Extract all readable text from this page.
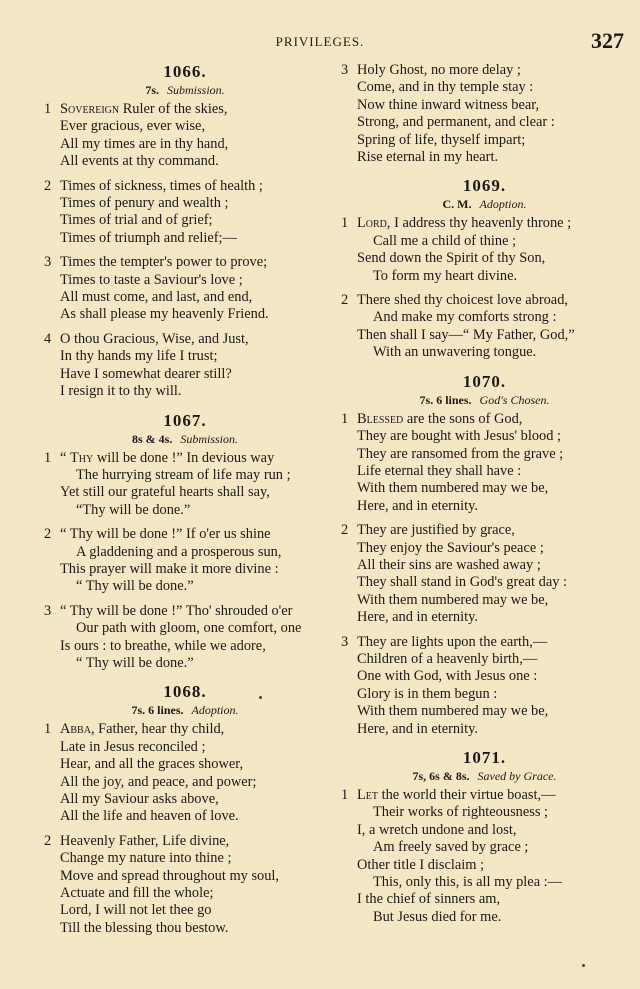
PRIVILEGES.	327
1066.
7s. Submission.
1 Sovereign Ruler of the skies,
Ever gracious, ever wise,
All my times are in thy hand,
All events at thy command.
2 Times of sickness, times of health ;
Times of penury and wealth ;
Times of trial and of grief;
Times of triumph and relief;—
3 Times the tempter's power to prove;
Times to taste a Saviour's love ;
All must come, and last, and end,
As shall please my heavenly Friend.
4 O thou Gracious, Wise, and Just,
In thy hands my life I trust;
Have I somewhat dearer still?
I resign it to thy will.
1067.
8s & 4s. Submission.
1 “ Thy will be done !” In devious way
The hurrying stream of life may run ;
Yet still our grateful hearts shall say,
“Thy will be done.”
2 “ Thy will be done !” If o'er us shine
A gladdening and a prosperous sun,
This prayer will make it more divine :
“ Thy will be done.”
3 “ Thy will be done !” Tho' shrouded o'er
Our path with gloom, one comfort, one
Is ours : to breathe, while we adore,
“ Thy will be done.”
1068.
7s. 6 lines. Adoption.
1 Abba, Father, hear thy child,
Late in Jesus reconciled ;
Hear, and all the graces shower,
All the joy, and peace, and power;
All my Saviour asks above,
All the life and heaven of love.
2 Heavenly Father, Life divine,
Change my nature into thine ;
Move and spread throughout my soul,
Actuate and fill the whole;
Lord, I will not let thee go
Till the blessing thou bestow.
3 Holy Ghost, no more delay ;
Come, and in thy temple stay :
Now thine inward witness bear,
Strong, and permanent, and clear :
Spring of life, thyself impart;
Rise eternal in my heart.
1069.
C. M. Adoption.
1 Lord, I address thy heavenly throne ;
Call me a child of thine ;
Send down the Spirit of thy Son,
To form my heart divine.
2 There shed thy choicest love abroad,
And make my comforts strong :
Then shall I say—“ My Father, God,”
With an unwavering tongue.
1070.
7s. 6 lines. God's Chosen.
1 Blessed are the sons of God,
They are bought with Jesus' blood ;
They are ransomed from the grave ;
Life eternal they shall have :
With them numbered may we be,
Here, and in eternity.
2 They are justified by grace,
They enjoy the Saviour's peace ;
All their sins are washed away ;
They shall stand in God's great day :
With them numbered may we be,
Here, and in eternity.
3 They are lights upon the earth,—
Children of a heavenly birth,—
One with God, with Jesus one :
Glory is in them begun :
With them numbered may we be,
Here, and in eternity.
1071.
7s, 6s & 8s. Saved by Grace.
1 Let the world their virtue boast,—
Their works of righteousness ;
I, a wretch undone and lost,
Am freely saved by grace ;
Other title I disclaim ;
This, only this, is all my plea :—
I the chief of sinners am,
But Jesus died for me.
